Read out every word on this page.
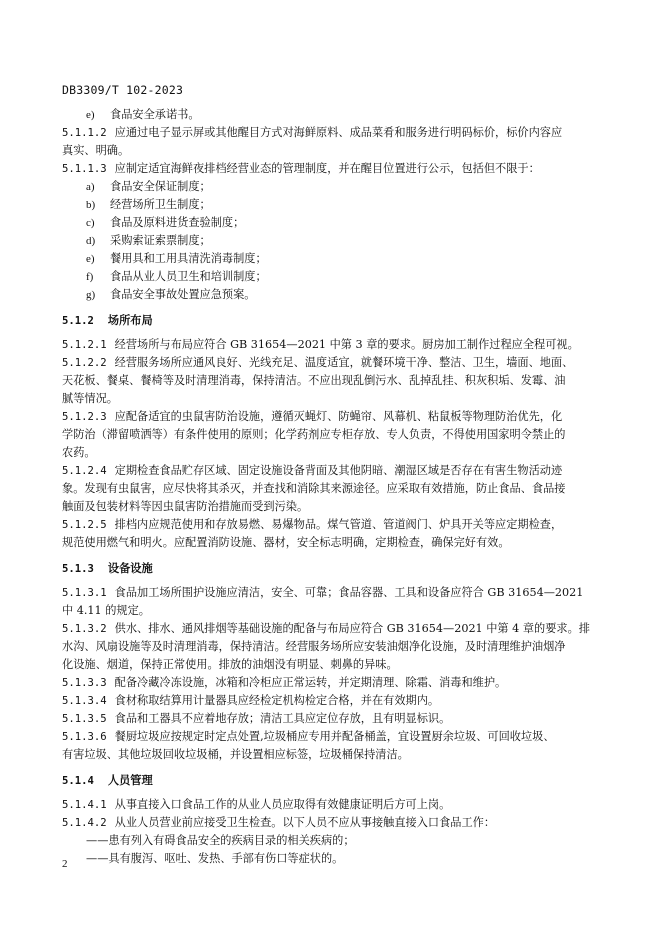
DB3309/T 102-2023
e) 食品安全承诺书。
5.1.1.2 应通过电子显示屏或其他醒目方式对海鲜原料、成品菜肴和服务进行明码标价，标价内容应
真实、明确。
5.1.1.3 应制定适宜海鲜夜排档经营业态的管理制度，并在醒目位置进行公示，包括但不限于：
a) 食品安全保证制度；
b) 经营场所卫生制度；
c) 食品及原料进货查验制度；
d) 采购索证索票制度；
e) 餐用具和工用具清洗消毒制度；
f) 食品从业人员卫生和培训制度；
g) 食品安全事故处置应急预案。
5.1.2 场所布局
5.1.2.1 经营场所与布局应符合 GB 31654—2021 中第 3 章的要求。厨房加工制作过程应全程可视。
5.1.2.2 经营服务场所应通风良好、光线充足、温度适宜，就餐环境干净、整洁、卫生，墙面、地面、
天花板、餐桌、餐椅等及时清理消毒，保持清洁。不应出现乱倒污水、乱掉乱挂、积灰积垢、发霉、油
腻等情况。
5.1.2.3 应配备适宜的虫鼠害防治设施，遵循灭蝇灯、防蝇帘、风幕机、粘鼠板等物理防治优先，化
学防治（滞留喷洒等）有条件使用的原则；化学药剂应专柜存放、专人负责，不得使用国家明令禁止的
农药。
5.1.2.4 定期检查食品贮存区域、固定设施设备背面及其他阴暗、潮湿区域是否存在有害生物活动迹
象。发现有虫鼠害，应尽快将其杀灭，并查找和消除其来源途径。应采取有效措施，防止食品、食品接
触面及包装材料等因虫鼠害防治措施而受到污染。
5.1.2.5 排档内应规范使用和存放易燃、易爆物品。煤气管道、管道阀门、炉具开关等应定期检查，
规范使用燃气和明火。应配置消防设施、器材，安全标志明确，定期检查，确保完好有效。
5.1.3 设备设施
5.1.3.1 食品加工场所围护设施应清洁，安全、可靠；食品容器、工具和设备应符合 GB 31654—2021
中 4.11 的规定。
5.1.3.2 供水、排水、通风排烟等基础设施的配备与布局应符合 GB 31654—2021 中第 4 章的要求。排
水沟、风扇设施等及时清理消毒，保持清洁。经营服务场所应安装油烟净化设施，及时清理维护油烟净
化设施、烟道，保持正常使用。排放的油烟没有明显、刺鼻的异味。
5.1.3.3 配备冷藏冷冻设施，冰箱和冷柜应正常运转，并定期清理、除霜、消毒和维护。
5.1.3.4 食材称取结算用计量器具应经检定机构检定合格，并在有效期内。
5.1.3.5 食品和工器具不应着地存放；清洁工具应定位存放，且有明显标识。
5.1.3.6 餐厨垃圾应按规定时定点处置,垃圾桶应专用并配备桶盖，宜设置厨余垃圾、可回收垃圾、
有害垃圾、其他垃圾回收垃圾桶，并设置相应标签，垃圾桶保持清洁。
5.1.4 人员管理
5.1.4.1 从事直接入口食品工作的从业人员应取得有效健康证明后方可上岗。
5.1.4.2 从业人员营业前应接受卫生检查。以下人员不应从事接触直接入口食品工作：
——患有列入有碍食品安全的疾病目录的相关疾病的；
——具有腹泻、呕吐、发热、手部有伤口等症状的。
2
